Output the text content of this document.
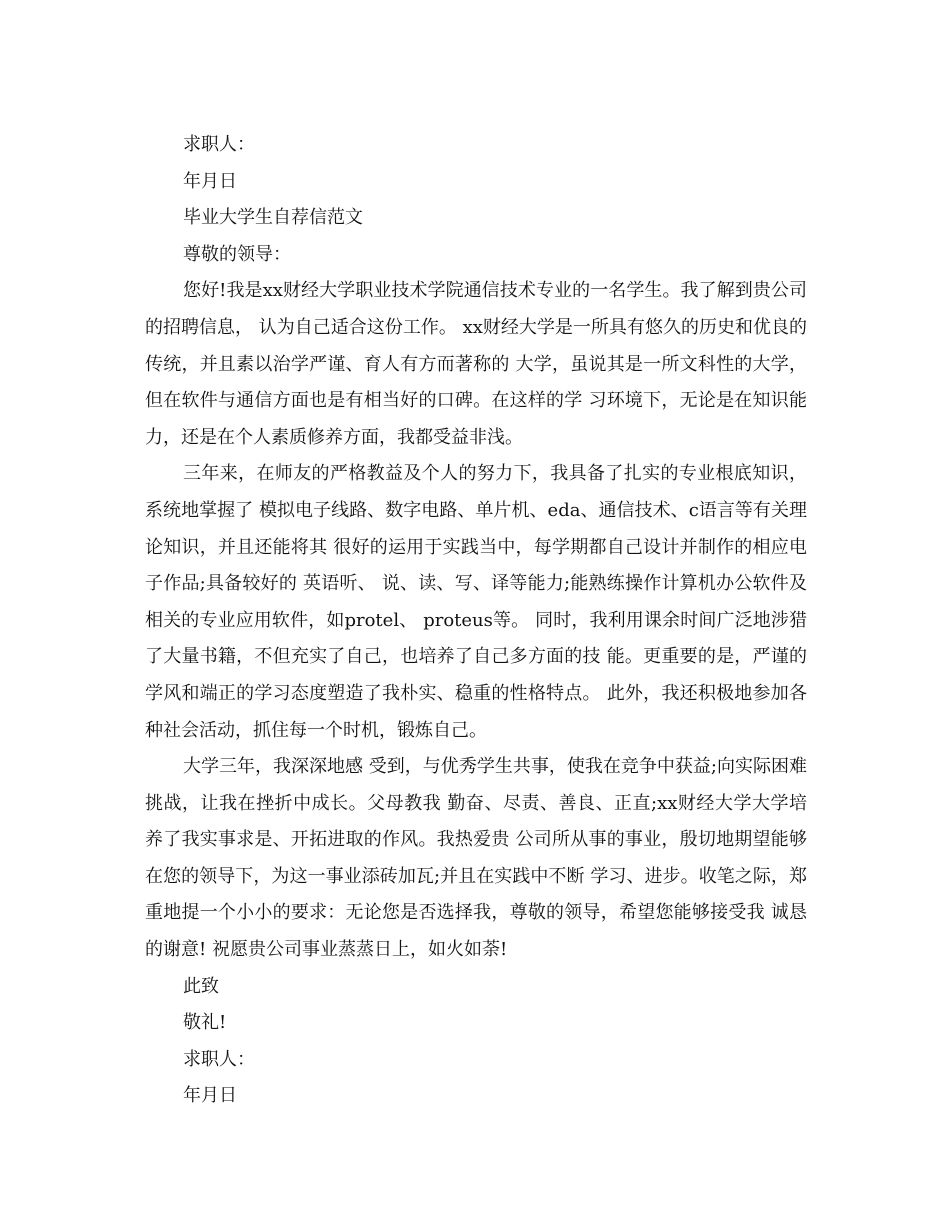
求职人：

年月日

毕业大学生自荐信范文

尊敬的领导：

您好!我是xx财经大学职业技术学院通信技术专业的一名学生。我了解到贵公司的招聘信息， 认为自己适合这份工作。 xx财经大学是一所具有悠久的历史和优良的传统，并且素以治学严谨、育人有方而著称的 大学，虽说其是一所文科性的大学，但在软件与通信方面也是有相当好的口碑。在这样的学 习环境下，无论是在知识能力，还是在个人素质修养方面，我都受益非浅。

三年来，在师友的严格教益及个人的努力下，我具备了扎实的专业根底知识，系统地掌握了 模拟电子线路、数字电路、单片机、eda、通信技术、c语言等有关理论知识，并且还能将其 很好的运用于实践当中，每学期都自己设计并制作的相应电子作品;具备较好的 英语听、 说、读、写、译等能力;能熟练操作计算机办公软件及相关的专业应用软件，如protel、 proteus等。 同时，我利用课余时间广泛地涉猎了大量书籍，不但充实了自己，也培养了自己多方面的技 能。更重要的是，严谨的学风和端正的学习态度塑造了我朴实、稳重的性格特点。 此外，我还积极地参加各种社会活动，抓住每一个时机，锻炼自己。

大学三年，我深深地感 受到，与优秀学生共事，使我在竞争中获益;向实际困难挑战，让我在挫折中成长。父母教我 勤奋、尽责、善良、正直;xx财经大学大学培养了我实事求是、开拓进取的作风。我热爱贵 公司所从事的事业，殷切地期望能够在您的领导下，为这一事业添砖加瓦;并且在实践中不断 学习、进步。收笔之际，郑重地提一个小小的要求：无论您是否选择我，尊敬的领导，希望您能够接受我 诚恳的谢意! 祝愿贵公司事业蒸蒸日上，如火如荼!

此致

敬礼!

求职人：

年月日
